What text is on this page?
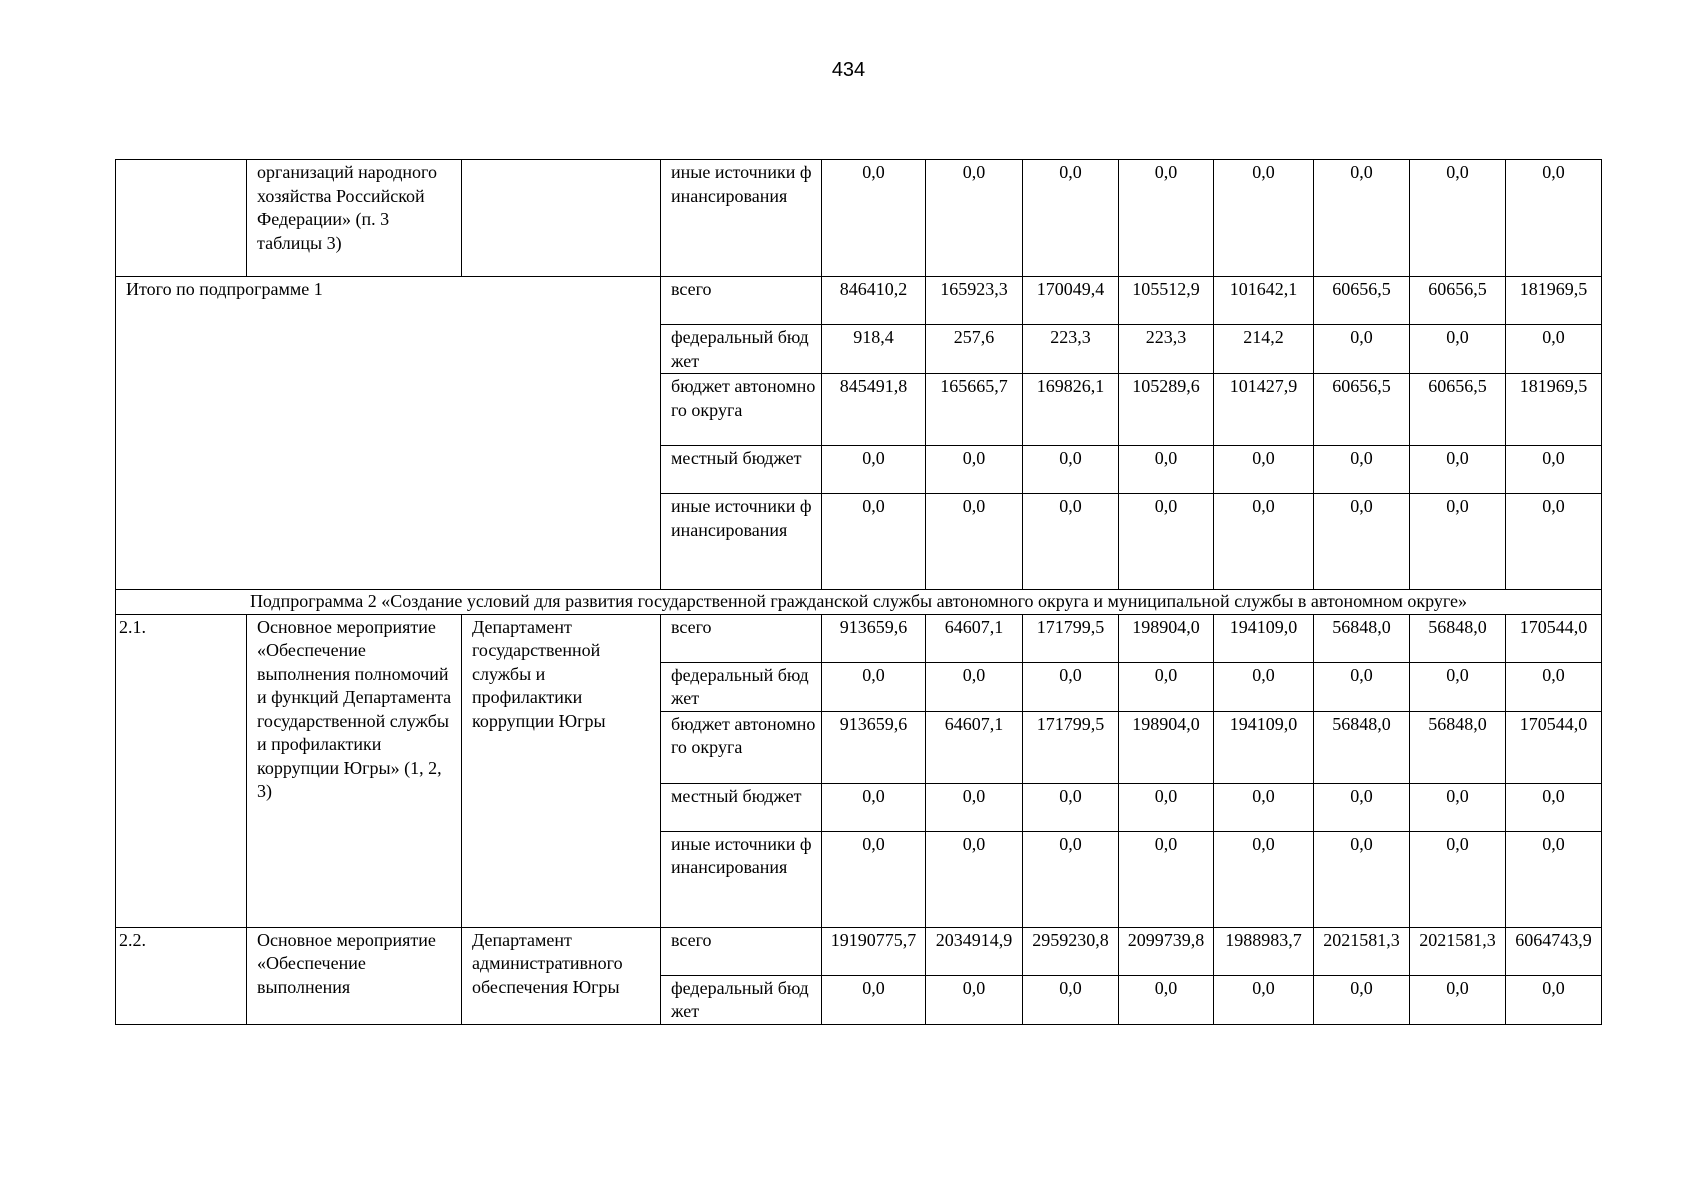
434
	организаций народного хозяйства Российской Федерации» (п. 3 таблицы 3)		иные источники финансирования	0,0	0,0	0,0	0,0	0,0	0,0	0,0	0,0
Итого по подпрограмме 1			всего	846410,2	165923,3	170049,4	105512,9	101642,1	60656,5	60656,5	181969,5
			федеральный бюджет	918,4	257,6	223,3	223,3	214,2	0,0	0,0	0,0
			бюджет автономного округа	845491,8	165665,7	169826,1	105289,6	101427,9	60656,5	60656,5	181969,5
			местный бюджет	0,0	0,0	0,0	0,0	0,0	0,0	0,0	0,0
			иные источники финансирования	0,0	0,0	0,0	0,0	0,0	0,0	0,0	0,0
Подпрограмма 2 «Создание условий для развития государственной гражданской службы автономного округа и муниципальной службы в автономном округе»											
2.1.	Основное мероприятие «Обеспечение выполнения полномочий и функций Департамента государственной службы и профилактики коррупции Югры» (1, 2, 3)	Департамент государственной службы и профилактики коррупции Югры	всего	913659,6	64607,1	171799,5	198904,0	194109,0	56848,0	56848,0	170544,0
			федеральный бюджет	0,0	0,0	0,0	0,0	0,0	0,0	0,0	0,0
			бюджет автономного округа	913659,6	64607,1	171799,5	198904,0	194109,0	56848,0	56848,0	170544,0
			местный бюджет	0,0	0,0	0,0	0,0	0,0	0,0	0,0	0,0
			иные источники финансирования	0,0	0,0	0,0	0,0	0,0	0,0	0,0	0,0
2.2.	Основное мероприятие «Обеспечение выполнения	Департамент административного обеспечения Югры	всего	19190775,7	2034914,9	2959230,8	2099739,8	1988983,7	2021581,3	2021581,3	6064743,9
			федеральный бюджет	0,0	0,0	0,0	0,0	0,0	0,0	0,0	0,0
